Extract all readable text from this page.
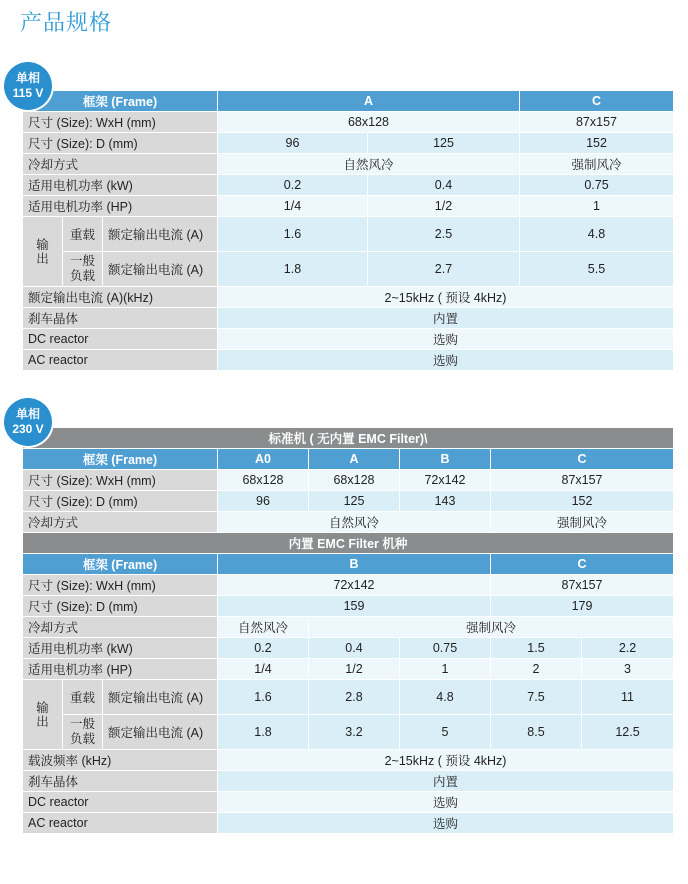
产品规格
单相
115 V
框架 (Frame)			A		C
尺寸 (Size): WxH (mm)			68x128		87x157
尺寸 (Size): D (mm)			96	125	152
冷却方式			自然风冷		强制风冷
适用电机功率 (kW)			0.2	0.4	0.75
适用电机功率 (HP)			1/4	1/2	1
输出	重载	额定输出电流 (A)	1.6	2.5	4.8
	一般负载	额定输出电流 (A)	1.8	2.7	5.5
额定输出电流 (A)(kHz)			2~15kHz ( 预设 4kHz)		
刹车晶体			内置		
DC reactor			选购		
AC reactor			选购		
单相
230 V
标准机 ( 无内置 EMC Filter)\							
框架 (Frame)			A0	A	B	C	
尺寸 (Size): WxH (mm)			68x128	68x128	72x142	87x157	
尺寸 (Size): D (mm)			96	125	143	152	
冷却方式			自然风冷			强制风冷	
内置 EMC Filter 机种							
框架 (Frame)			B			C	
尺寸 (Size): WxH (mm)			72x142			87x157	
尺寸 (Size): D (mm)			159			179	
冷却方式			自然风冷	强制风冷			
适用电机功率 (kW)			0.2	0.4	0.75	1.5	2.2
适用电机功率 (HP)			1/4	1/2	1	2	3
输出	重载	额定输出电流 (A)	1.6	2.8	4.8	7.5	11
	一般负载	额定输出电流 (A)	1.8	3.2	5	8.5	12.5
载波频率 (kHz)			2~15kHz ( 预设 4kHz)				
刹车晶体			内置				
DC reactor			选购				
AC reactor			选购				
